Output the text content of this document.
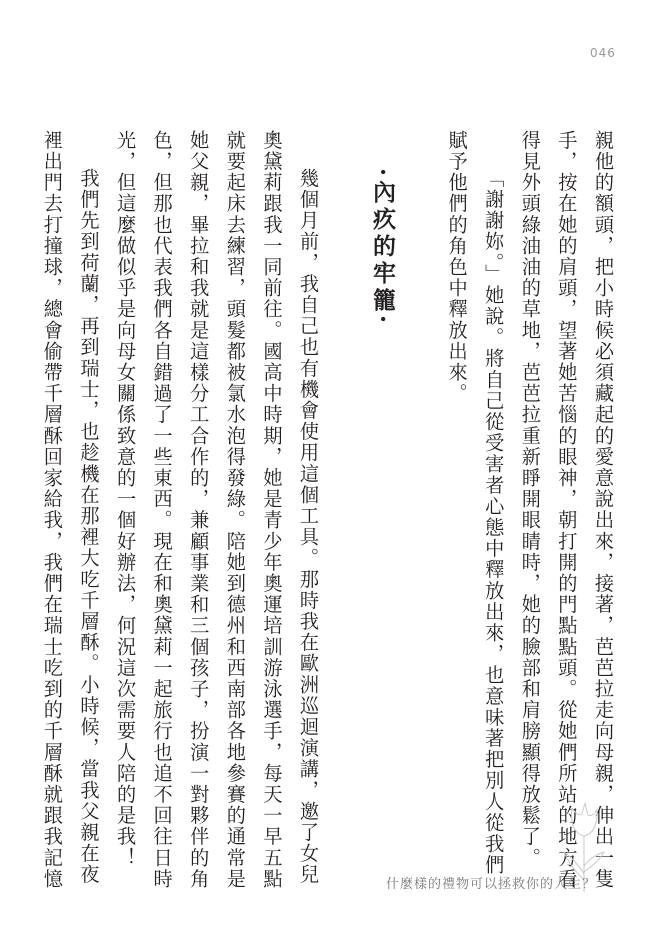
046

親他的額頭，把小時候必須藏起的愛意說出來，接著，芭芭拉走向母親，伸出一隻

手，按在她的肩頭，望著她苦惱的眼神，朝打開的門點點頭。從她們所站的地方看

得見外頭綠油油的草地，芭芭拉重新睜開眼睛時，她的臉部和肩膀顯得放鬆了。

「謝謝妳。」她說。將自己從受害者心態中釋放出來，也意味著把別人從我們

賦予他們的角色中釋放出來。

·內疚的牢籠·

幾個月前，我自己也有機會使用這個工具。那時我在歐洲巡迴演講，邀了女兒

奧黛莉跟我一同前往。國高中時期，她是青少年奧運培訓游泳選手，每天一早五點

就要起床去練習，頭髮都被氯水泡得發綠。陪她到德州和西南部各地參賽的通常是

她父親，畢拉和我就是這樣分工合作的，兼顧事業和三個孩子，扮演一對夥伴的角

色，但那也代表我們各自錯過了一些東西。現在和奧黛莉一起旅行也追不回往日時

光，但這麼做似乎是向母女關係致意的一個好辦法，何況這次需要人陪的是我！

我們先到荷蘭，再到瑞士，也趁機在那裡大吃千層酥。小時候，當我父親在夜

裡出門去打撞球，總會偷帶千層酥回家給我，我們在瑞士吃到的千層酥就跟我記憶	什麼樣的禮物可以拯救你的人生？
